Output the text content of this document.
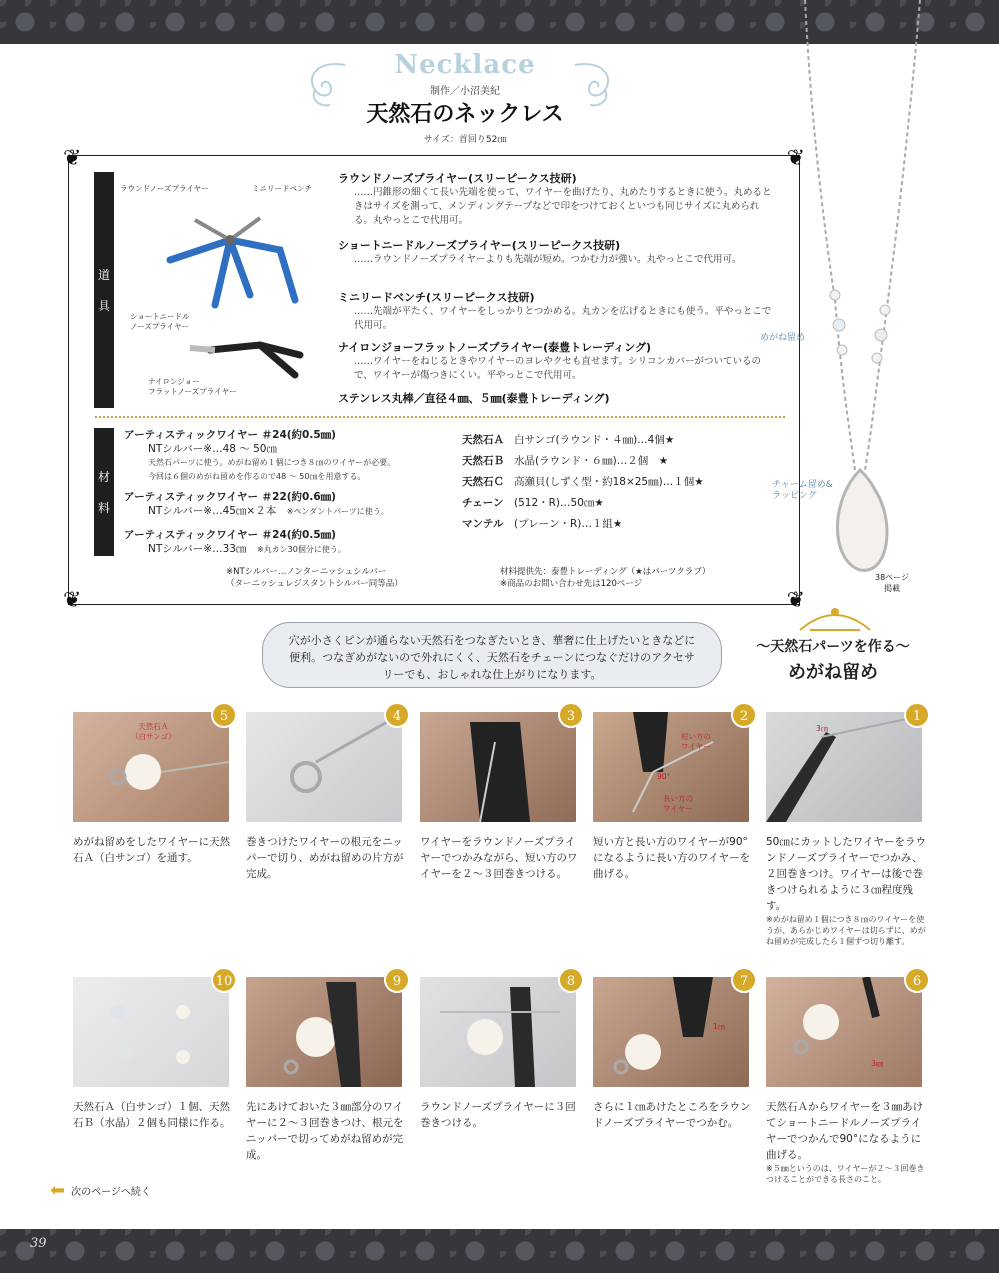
Necklace
制作／小沼美紀
天然石のネックレス
サイズ：首回り52㎝
❦	❦
❦	❦
道
具
ラウンドノーズプライヤー	ミニリードベンチ
ショートニードル
ノーズプライヤー
ナイロンジョー
フラットノーズプライヤー
ラウンドノーズプライヤー(スリーピークス技研)
……円錐形の細くて長い先端を使って、ワイヤーを曲げたり、丸めたりするときに使う。丸めるときはサイズを測って、メンディングテープなどで印をつけておくといつも同じサイズに丸められる。丸やっとこで代用可。
ショートニードルノーズプライヤー(スリーピークス技研)
……ラウンドノーズプライヤーよりも先端が短め。つかむ力が強い。丸やっとこで代用可。
ミニリードベンチ(スリーピークス技研)
……先端が平たく、ワイヤーをしっかりとつかめる。丸カンを広げるときにも使う。平やっとこで代用可。
ナイロンジョーフラットノーズプライヤー(泰豊トレーディング)
……ワイヤーをねじるときやワイヤーのヨレやクセも直せます。シリコンカバーがついているので、ワイヤーが傷つきにくい。平やっとこで代用可。
ステンレス丸棒／直径４㎜、５㎜(泰豊トレーディング)
材
料
アーティスティックワイヤー ＃24(約0.5㎜)
NTシルバー※…48 ～ 50㎝
天然石パーツに使う。めがね留め１個につき８㎝のワイヤーが必要。
今回は６個のめがね留めを作るので48 ～ 50㎝を用意する。
アーティスティックワイヤー ＃22(約0.6㎜)
NTシルバー※…45㎝×２本　 ※ペンダントパーツに使う。
アーティスティックワイヤー ＃24(約0.5㎜)
NTシルバー※…33㎝　 ※丸カン30個分に使う。
天然石Ａ 白サンゴ(ラウンド・４㎜)…4個★
天然石Ｂ 水晶(ラウンド・６㎜)…２個　★
天然石Ｃ 高瀬貝(しずく型・約18×25㎜)…１個★
チェーン (512・R)…50㎝★
マンテル (プレーン・R)…１組★
※NTシルバー…ノンターニッシュシルバー
（ターニッシュレジスタントシルバー同等品）
材料提供先：泰豊トレーディング（★はパーツクラブ）
※商品のお問い合わせ先は120ページ
めがね留め
チャーム留め&
ラッピング
38ページ
掲載
穴が小さくピンが通らない天然石をつなぎたいとき、華奢に仕上げたいときなどに便利。つなぎめがないので外れにくく、天然石をチェーンにつなぐだけのアクセサリーでも、おしゃれな仕上がりになります。
～天然石パーツを作る～
めがね留め
3㎝
1
50㎝にカットしたワイヤーをラウンドノーズプライヤーでつかみ、２回巻きつけ。ワイヤーは後で巻きつけられるように３㎝程度残す。
※めがね留め１個につき８㎝のワイヤーを使うが、あらかじめワイヤーは切らずに、めがね留めが完成したら１個ずつ切り離す。
短い方の
ワイヤー
長い方の
ワイヤー
90°
2
短い方と長い方のワイヤーが90°になるように長い方のワイヤーを曲げる。
3
ワイヤーをラウンドノーズプライヤーでつかみながら、短い方のワイヤーを２～３回巻きつける。
4
巻きつけたワイヤーの根元をニッパーで切り、めがね留めの片方が完成。
天然石Ａ
（白サンゴ）
5
めがね留めをしたワイヤーに天然石Ａ（白サンゴ）を通す。
3㎜
6
天然石Ａからワイヤーを３㎜あけてショートニードルノーズプライヤーでつかんで90°になるように曲げる。
※５㎜というのは、ワイヤーが２～３回巻きつけることができる長さのこと。
1㎝
7
さらに１㎝あけたところをラウンドノーズプライヤーでつかむ。
8
ラウンドノーズプライヤーに３回巻きつける。
9
先にあけておいた３㎜部分のワイヤーに２～３回巻きつけ、根元をニッパーで切ってめがね留めが完成。
10
天然石Ａ（白サンゴ）１個、天然石Ｂ（水晶）２個も同様に作る。
⬅ 次のページへ続く
39
